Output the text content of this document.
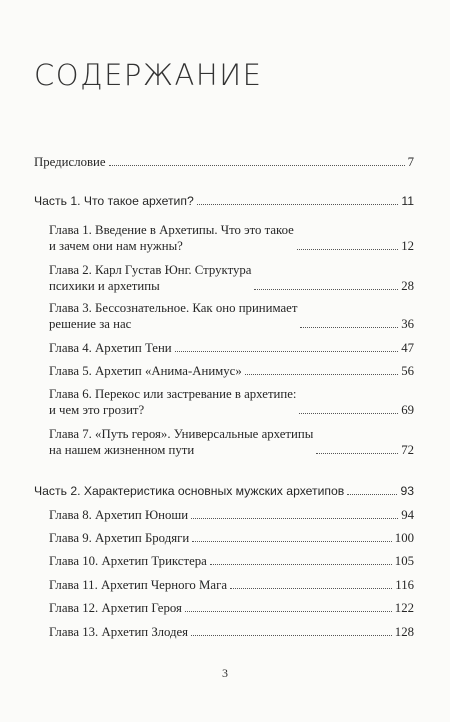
СОДЕРЖАНИЕ
Предисловие	7
Часть 1. Что такое архетип?	11
Глава 1. Введение в Архетипы. Что это такое
и зачем они нам нужны?	12
Глава 2. Карл Густав Юнг. Структура
психики и архетипы	28
Глава 3. Бессознательное. Как оно принимает
решение за нас	36
Глава 4. Архетип Тени	47
Глава 5. Архетип «Анима-Анимус»	56
Глава 6. Перекос или застревание в архетипе:
и чем это грозит?	69
Глава 7. «Путь героя». Универсальные архетипы
на нашем жизненном пути	72
Часть 2. Характеристика основных мужских архетипов	93
Глава 8. Архетип Юноши	94
Глава 9. Архетип Бродяги	100
Глава 10. Архетип Трикстера	105
Глава 11. Архетип Черного Мага	116
Глава 12. Архетип Героя	122
Глава 13. Архетип Злодея	128
3
